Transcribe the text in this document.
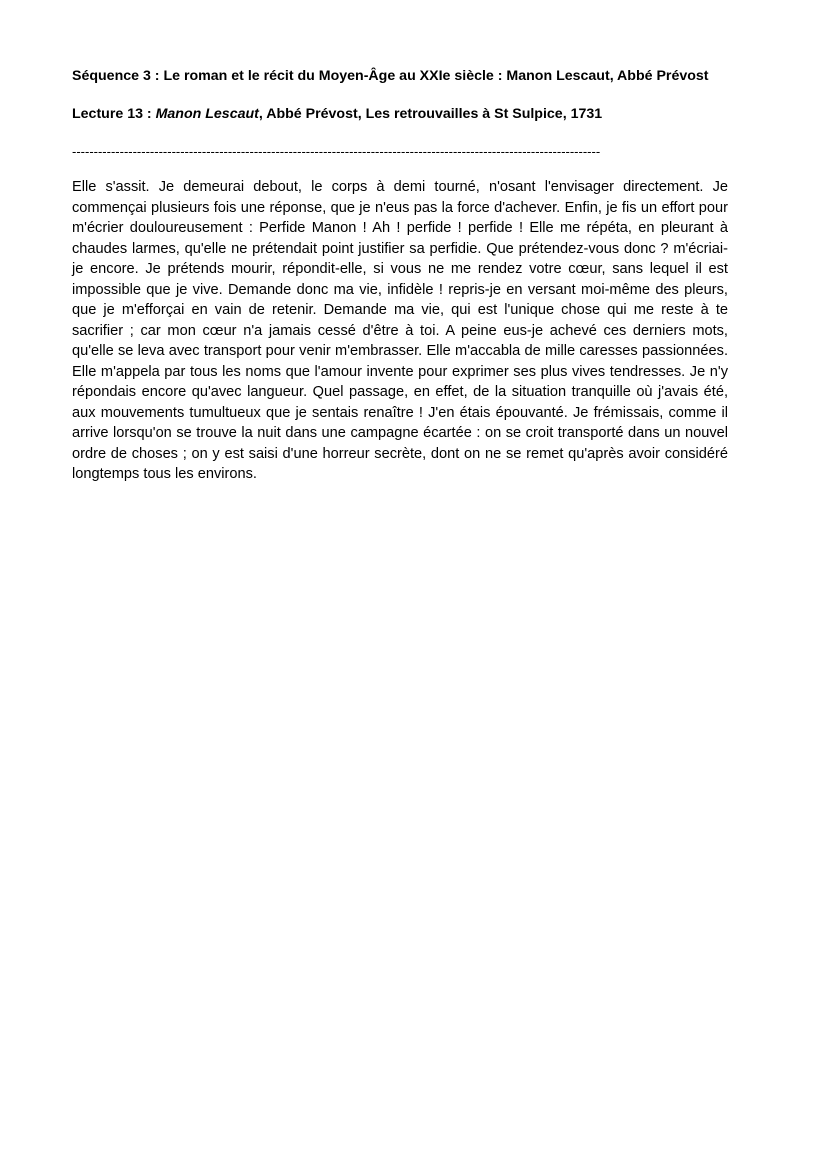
Séquence 3 : Le roman et le récit du Moyen-Âge au XXIe siècle : Manon Lescaut, Abbé Prévost

Lecture 13 : Manon Lescaut, Abbé Prévost, Les retrouvailles à St Sulpice, 1731

--------------------------------------------------------------------------------------------------------------------------

Elle s'assit. Je demeurai debout, le corps à demi tourné, n'osant l'envisager directement. Je commençai plusieurs fois une réponse, que je n'eus pas la force d'achever. Enfin, je fis un effort pour m'écrier douloureusement : Perfide Manon ! Ah ! perfide ! perfide ! Elle me répéta, en pleurant à chaudes larmes, qu'elle ne prétendait point justifier sa perfidie. Que prétendez-vous donc ? m'écriai-je encore. Je prétends mourir, répondit-elle, si vous ne me rendez votre cœur, sans lequel il est impossible que je vive. Demande donc ma vie, infidèle ! repris-je en versant moi-même des pleurs, que je m'efforçai en vain de retenir. Demande ma vie, qui est l'unique chose qui me reste à te sacrifier ; car mon cœur n'a jamais cessé d'être à toi. A peine eus-je achevé ces derniers mots, qu'elle se leva avec transport pour venir m'embrasser. Elle m'accabla de mille caresses passionnées. Elle m'appela par tous les noms que l'amour invente pour exprimer ses plus vives tendresses. Je n'y répondais encore qu'avec langueur. Quel passage, en effet, de la situation tranquille où j'avais été, aux mouvements tumultueux que je sentais renaître ! J'en étais épouvanté. Je frémissais, comme il arrive lorsqu'on se trouve la nuit dans une campagne écartée : on se croit transporté dans un nouvel ordre de choses ; on y est saisi d'une horreur secrète, dont on ne se remet qu'après avoir considéré longtemps tous les environs.
